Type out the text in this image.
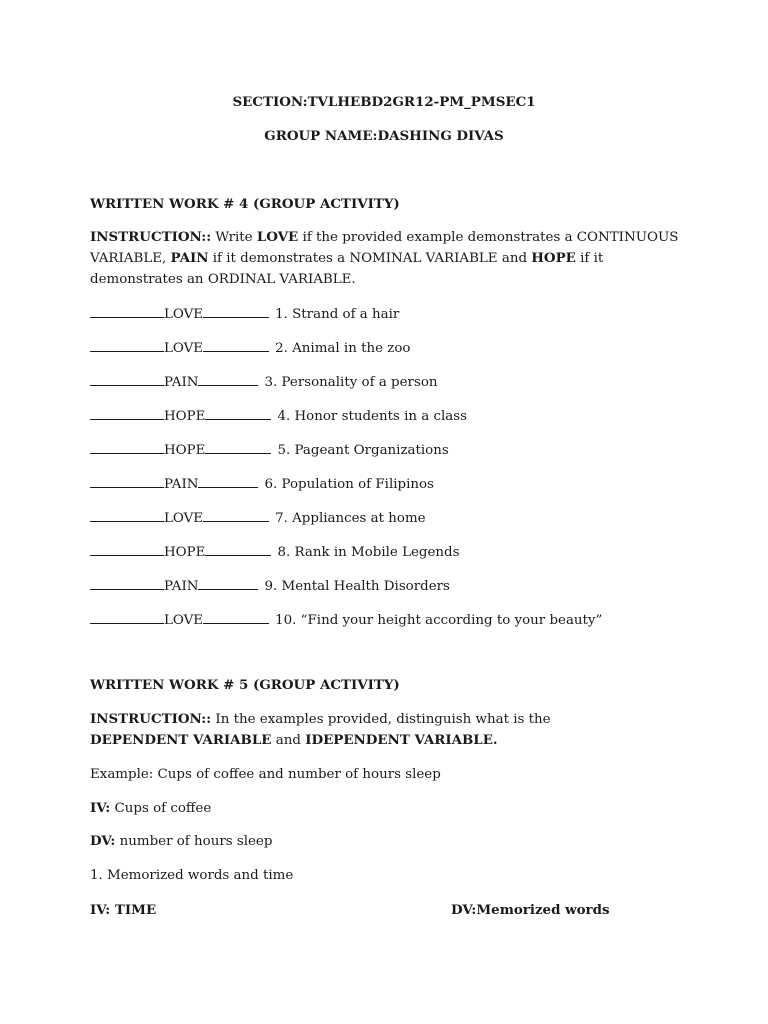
SECTION:TVLHEBD2GR12-PM_PMSEC1
GROUP NAME:DASHING DIVAS
WRITTEN WORK # 4 (GROUP ACTIVITY)
INSTRUCTION:: Write LOVE if the provided example demonstrates a CONTINUOUS VARIABLE, PAIN if it demonstrates a NOMINAL VARIABLE and HOPE if it demonstrates an ORDINAL VARIABLE.
LOVE	1. Strand of a hair
LOVE	2. Animal in the zoo
PAIN	3. Personality of a person
HOPE	4. Honor students in a class
HOPE	5. Pageant Organizations
PAIN	6. Population of Filipinos
LOVE	7. Appliances at home
HOPE	8. Rank in Mobile Legends
PAIN	9. Mental Health Disorders
LOVE	10. “Find your height according to your beauty”
WRITTEN WORK # 5 (GROUP ACTIVITY)
INSTRUCTION:: In the examples provided, distinguish what is the
DEPENDENT VARIABLE and IDEPENDENT VARIABLE.
Example: Cups of coffee and number of hours sleep
IV: Cups of coffee
DV: number of hours sleep
1. Memorized words and time
IV: TIME	DV:Memorized words
